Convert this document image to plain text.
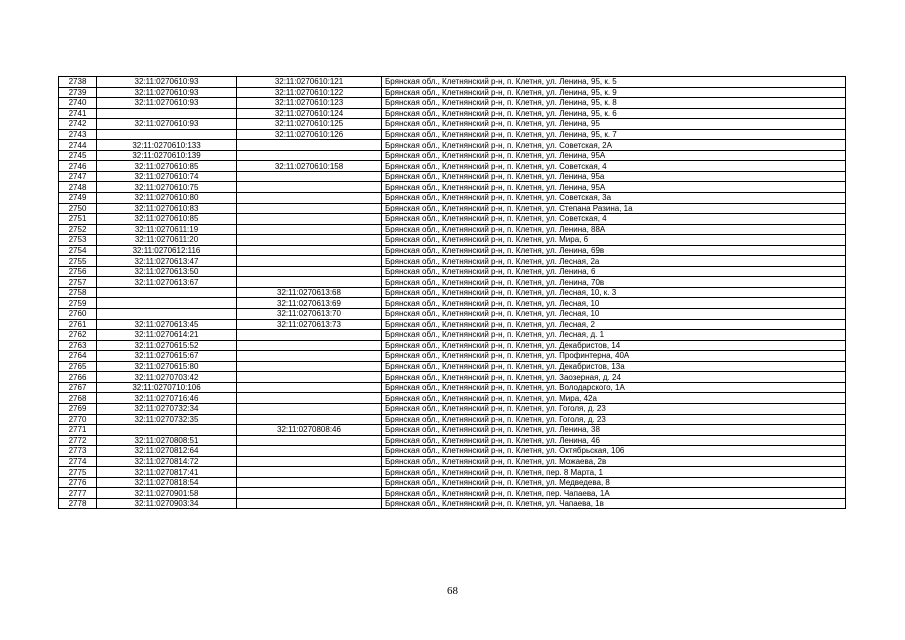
2738	32:11:0270610:93	32:11:0270610:121	Брянская обл., Клетнянский р-н, п. Клетня, ул. Ленина, 95, к. 5
2739	32:11:0270610:93	32:11:0270610:122	Брянская обл., Клетнянский р-н, п. Клетня, ул. Ленина, 95, к. 9
2740	32:11:0270610:93	32:11:0270610:123	Брянская обл., Клетнянский р-н, п. Клетня, ул. Ленина, 95, к. 8
2741		32:11:0270610:124	Брянская обл., Клетнянский р-н, п. Клетня, ул. Ленина, 95, к. 6
2742	32:11:0270610:93	32:11:0270610:125	Брянская обл., Клетнянский р-н, п. Клетня, ул. Ленина, 95
2743		32:11:0270610:126	Брянская обл., Клетнянский р-н, п. Клетня, ул. Ленина, 95, к. 7
2744	32:11:0270610:133		Брянская обл., Клетнянский р-н, п. Клетня, ул. Советская, 2А
2745	32:11:0270610:139		Брянская обл., Клетнянский р-н, п. Клетня, ул. Ленина, 95А
2746	32:11:0270610:85	32:11:0270610:158	Брянская обл., Клетнянский р-н, п. Клетня, ул. Советская, 4
2747	32:11:0270610:74		Брянская обл., Клетнянский р-н, п. Клетня, ул. Ленина, 95а
2748	32:11:0270610:75		Брянская обл., Клетнянский р-н, п. Клетня, ул. Ленина, 95А
2749	32:11:0270610:80		Брянская обл., Клетнянский р-н, п. Клетня, ул. Советская, 3а
2750	32:11:0270610:83		Брянская обл., Клетнянский р-н, п. Клетня, ул. Степана Разина, 1а
2751	32:11:0270610:85		Брянская обл., Клетнянский р-н, п. Клетня, ул. Советская, 4
2752	32:11:0270611:19		Брянская обл., Клетнянский р-н, п. Клетня, ул. Ленина, 88А
2753	32:11:0270611:20		Брянская обл., Клетнянский р-н, п. Клетня, ул. Мира, 6
2754	32:11:0270612:116		Брянская обл., Клетнянский р-н, п. Клетня, ул. Ленина, 69в
2755	32:11:0270613:47		Брянская обл., Клетнянский р-н, п. Клетня, ул. Лесная, 2а
2756	32:11:0270613:50		Брянская обл., Клетнянский р-н, п. Клетня, ул. Ленина, 6
2757	32:11:0270613:67		Брянская обл., Клетнянский р-н, п. Клетня, ул. Ленина, 70в
2758		32:11:0270613:68	Брянская обл., Клетнянский р-н, п. Клетня, ул. Лесная, 10, к. 3
2759		32:11:0270613:69	Брянская обл., Клетнянский р-н, п. Клетня, ул. Лесная, 10
2760		32:11:0270613:70	Брянская обл., Клетнянский р-н, п. Клетня, ул. Лесная, 10
2761	32:11:0270613:45	32:11:0270613:73	Брянская обл., Клетнянский р-н, п. Клетня, ул. Лесная, 2
2762	32:11:0270614:21		Брянская обл., Клетнянский р-н, п. Клетня, ул. Лесная, д. 1
2763	32:11:0270615:52		Брянская обл., Клетнянский р-н, п. Клетня, ул. Декабристов, 14
2764	32:11:0270615:67		Брянская обл., Клетнянский р-н, п. Клетня, ул. Профинтерна, 40А
2765	32:11:0270615:80		Брянская обл., Клетнянский р-н, п. Клетня, ул. Декабристов, 13а
2766	32:11:0270703:42		Брянская обл., Клетнянский р-н, п. Клетня, ул. Заозерная, д. 24
2767	32:11:0270710:106		Брянская обл., Клетнянский р-н, п. Клетня, ул. Володарского, 1А
2768	32:11:0270716:46		Брянская обл., Клетнянский р-н, п. Клетня, ул. Мира, 42а
2769	32:11:0270732:34		Брянская обл., Клетнянский р-н, п. Клетня, ул. Гоголя, д. 23
2770	32:11:0270732:35		Брянская обл., Клетнянский р-н, п. Клетня, ул. Гоголя, д. 23
2771		32:11:0270808:46	Брянская обл., Клетнянский р-н, п. Клетня, ул. Ленина, 38
2772	32:11:0270808:51		Брянская обл., Клетнянский р-н, п. Клетня, ул. Ленина, 46
2773	32:11:0270812:64		Брянская обл., Клетнянский р-н, п. Клетня, ул. Октябрьская, 106
2774	32:11:0270814:72		Брянская обл., Клетнянский р-н, п. Клетня, ул. Можаева, 2в
2775	32:11:0270817:41		Брянская обл., Клетнянский р-н, п. Клетня, пер. 8 Марта, 1
2776	32:11:0270818:54		Брянская обл., Клетнянский р-н, п. Клетня, ул. Медведева, 8
2777	32:11:0270901:58		Брянская обл., Клетнянский р-н, п. Клетня, пер. Чапаева, 1А
2778	32:11:0270903:34		Брянская обл., Клетнянский р-н, п. Клетня, ул. Чапаева, 1в
68
